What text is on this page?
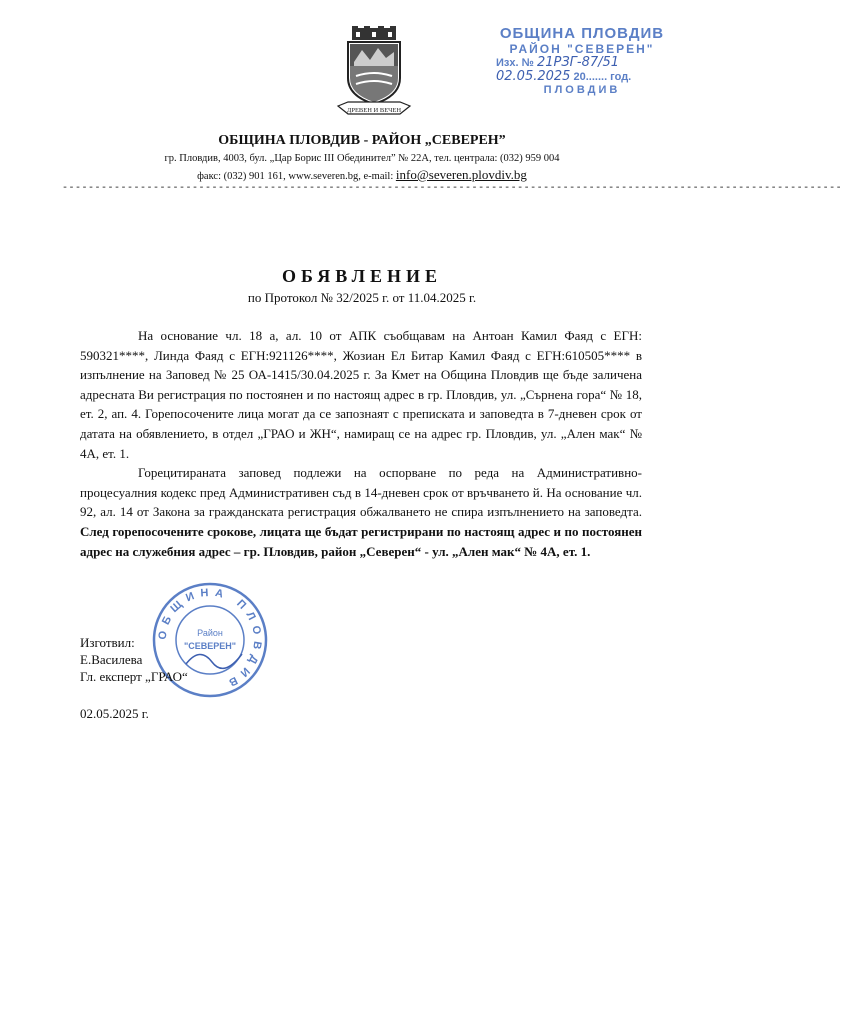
ДРЕВЕН И ВЕЧЕН
ОБЩИНА ПЛОВДИВ
РАЙОН "СЕВЕРЕН"
Изх. № 21РЗГ-87/51
02.05.2025 20....... год.
ПЛОВДИВ
ОБЩИНА ПЛОВДИВ - РАЙОН „СЕВЕРЕН”
гр. Пловдив, 4003, бул. „Цар Борис III Обединител” № 22А, тел. централа: (032) 959 004
факс: (032) 901 161, www.severen.bg, e-mail: info@severen.plovdiv.bg
------------------------------------------------------------------------------------------------------------------------
ОБЯВЛЕНИЕ
по Протокол № 32/2025 г. от 11.04.2025 г.

На основание чл. 18 а, ал. 10 от АПК съобщавам на Антоан Камил Фаяд с ЕГН: 590321****, Линда Фаяд с ЕГН:921126****, Жозиан Ел Битар Камил Фаяд с ЕГН:610505**** в изпълнение на Заповед № 25 ОА-1415/30.04.2025 г. За Кмет на Община Пловдив ще бъде заличена адресната Ви регистрация по постоянен и по настоящ адрес в гр. Пловдив, ул. „Сърнена гора“ № 18, ет. 2, ап. 4. Горепосочените лица могат да се запознаят с преписката и заповедта в 7-дневен срок от датата на обявлението, в отдел „ГРАО и ЖН“, намиращ се на адрес гр. Пловдив, ул. „Ален мак“ № 4А, ет. 1.

Горецитираната заповед подлежи на оспорване по реда на Административно-процесуалния кодекс пред Административен съд в 14-дневен срок от връчването й. На основание чл. 92, ал. 14 от Закона за гражданската регистрация обжалването не спира изпълнението на заповедта. След горепосочените срокове, лицата ще бъдат регистрирани по настоящ адрес и по постоянен адрес на служебния адрес – гр. Пловдив, район „Северен“ - ул. „Ален мак“ № 4А, ет. 1.

ОБЩИНА ПЛОВДИВ
Район
"СЕВЕРЕН"
Изготвил:
Е.Василева
Гл. експерт „ГРАО“
02.05.2025 г.
